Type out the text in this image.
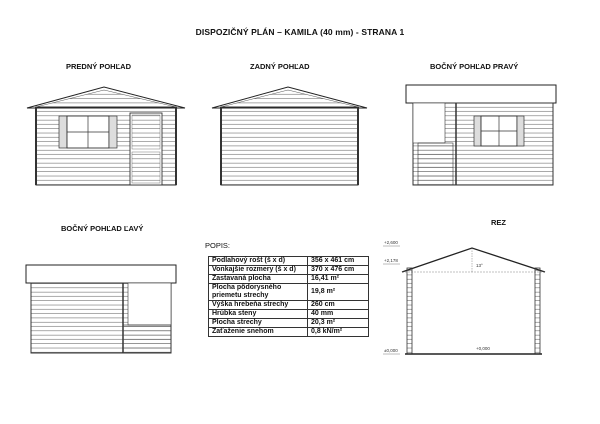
DISPOZIČNÝ PLÁN – KAMILA (40 mm) - STRANA 1
PREDNÝ POHĽAD	ZADNÝ POHĽAD	BOČNÝ POHĽAD PRAVÝ
BOČNÝ POHĽAD ĽAVÝ
REZ
+2,600
+2,178
±0,000	+0,000
13°
POPIS:
Podlahový rošt (š x d)	356 x 461 cm
Vonkajšie rozmery (š x d)	370 x 476 cm
Zastavaná plocha	16,41 m²
Plocha pôdorysného priemetu strechy	19,8 m²
Výška hrebeňa strechy	260 cm
Hrúbka steny	40 mm
Plocha strechy	20,3 m²
Zaťaženie snehom	0,8 kN/m²
